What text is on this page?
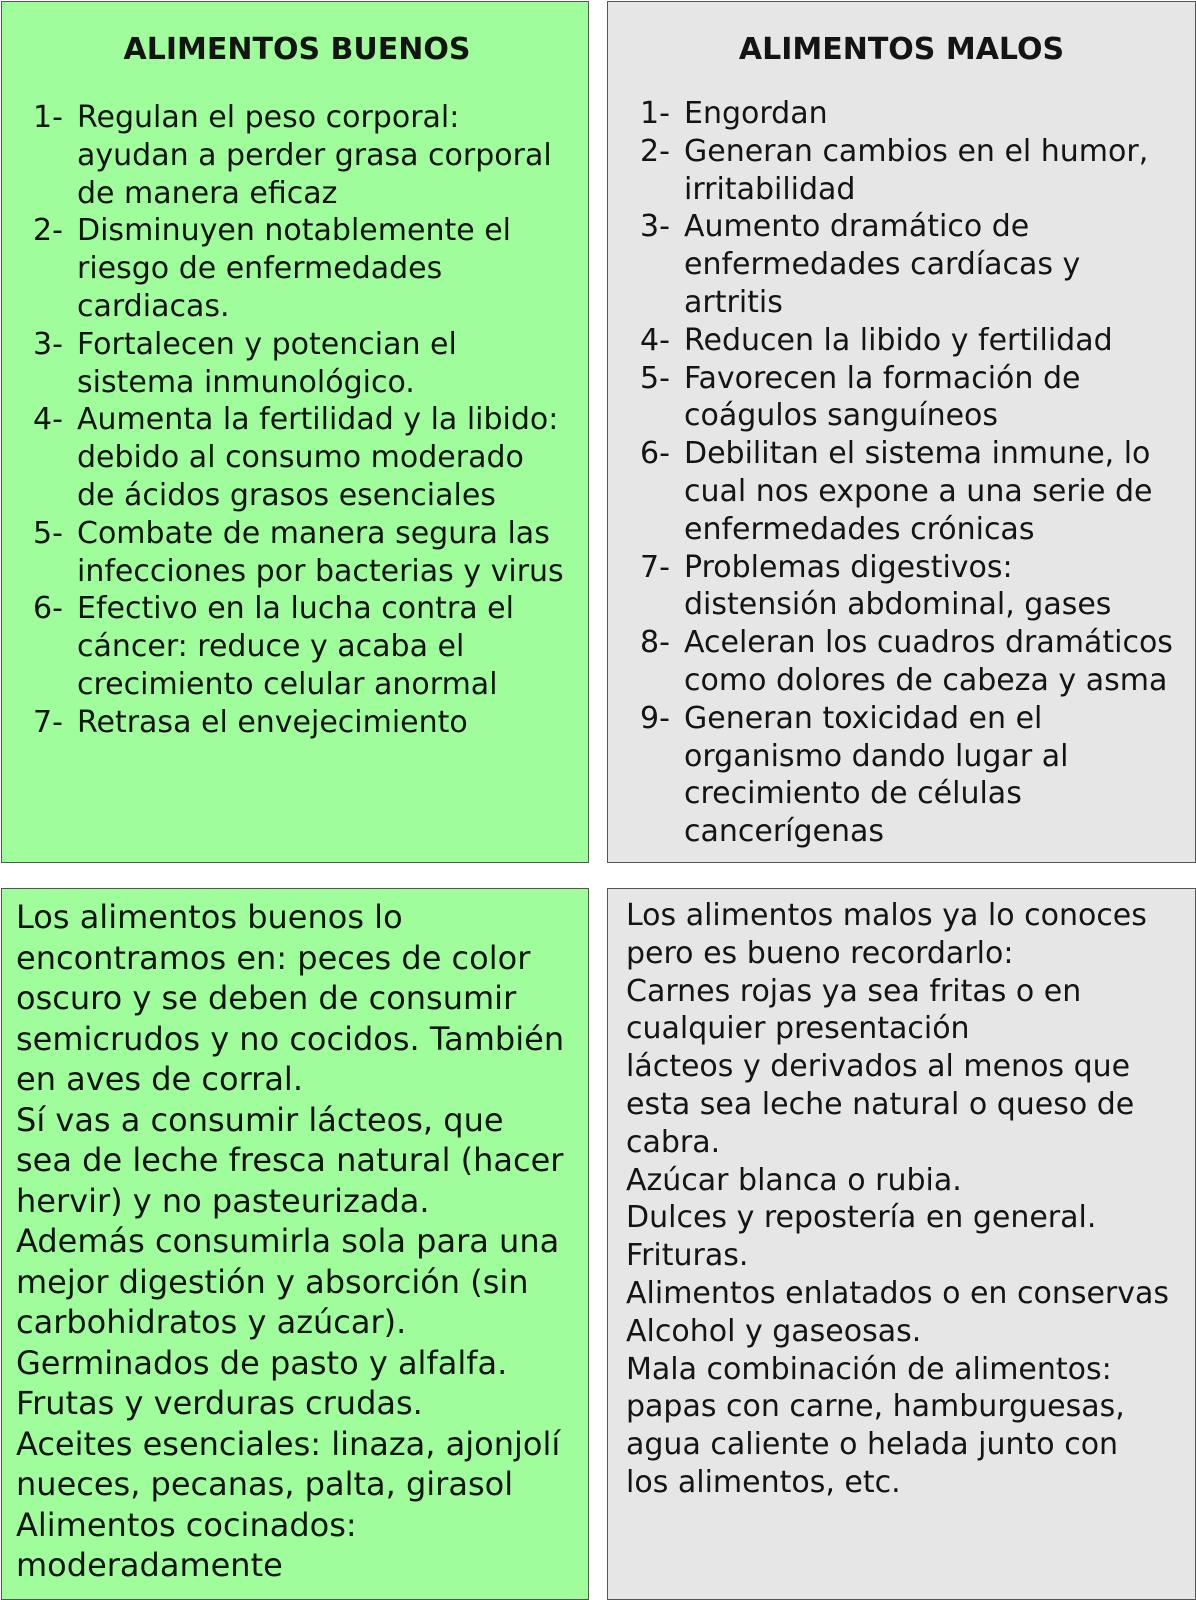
ALIMENTOS BUENOS
1- Regulan el peso corporal:
ayudan a perder grasa corporal
de manera eficaz
2- Disminuyen notablemente el
riesgo de enfermedades
cardiacas.
3- Fortalecen y potencian el
sistema inmunológico.
4- Aumenta la fertilidad y la libido:
debido al consumo moderado
de ácidos grasos esenciales
5- Combate de manera segura las
infecciones por bacterias y virus
6- Efectivo en la lucha contra el
cáncer: reduce y acaba el
crecimiento celular anormal
7- Retrasa el envejecimiento
ALIMENTOS MALOS
1- Engordan
2- Generan cambios en el humor,
irritabilidad
3- Aumento dramático de
enfermedades cardíacas y
artritis
4- Reducen la libido y fertilidad
5- Favorecen la formación de
coágulos sanguíneos
6- Debilitan el sistema inmune, lo
cual nos expone a una serie de
enfermedades crónicas
7- Problemas digestivos:
distensión abdominal, gases
8- Aceleran los cuadros dramáticos
como dolores de cabeza y asma
9- Generan toxicidad en el
organismo dando lugar al
crecimiento de células
cancerígenas

Los alimentos buenos lo

encontramos en: peces de color

oscuro y se deben de consumir

semicrudos y no cocidos. También

en aves de corral.

Sí vas a consumir lácteos, que

sea de leche fresca natural (hacer

hervir) y no pasteurizada.

Además consumirla sola para una

mejor digestión y absorción (sin

carbohidratos y azúcar).

Germinados de pasto y alfalfa.

Frutas y verduras crudas.

Aceites esenciales: linaza, ajonjolí

nueces, pecanas, palta, girasol

Alimentos cocinados:

moderadamente

Los alimentos malos ya lo conoces

pero es bueno recordarlo:

Carnes rojas ya sea fritas o en

cualquier presentación

lácteos y derivados al menos que

esta sea leche natural o queso de

cabra.

Azúcar blanca o rubia.

Dulces y repostería en general.

Frituras.

Alimentos enlatados o en conservas

Alcohol y gaseosas.

Mala combinación de alimentos:

papas con carne, hamburguesas,

agua caliente o helada junto con

los alimentos, etc.
